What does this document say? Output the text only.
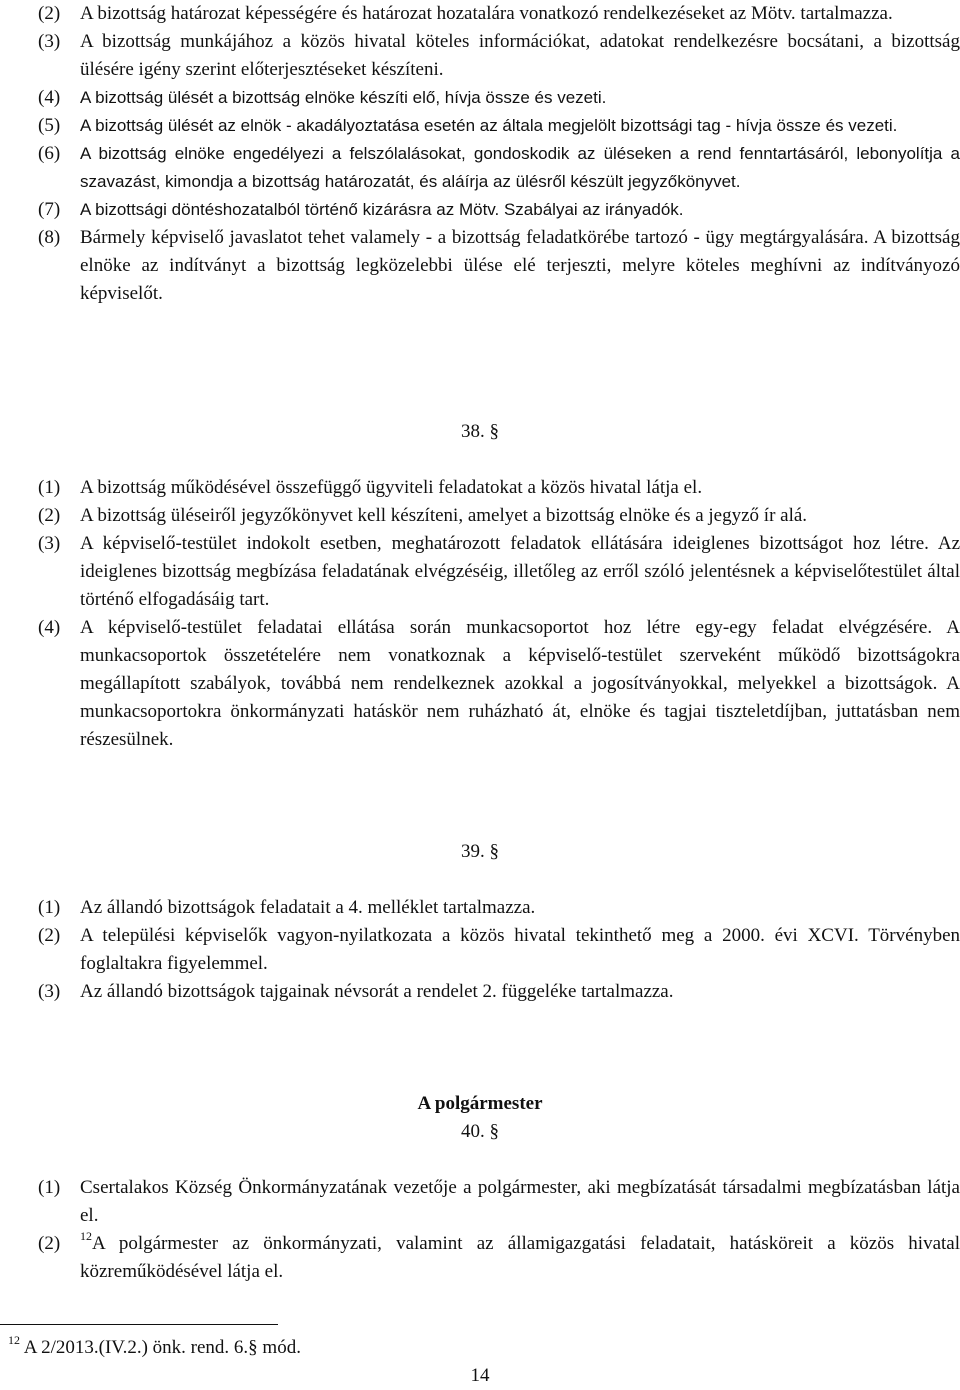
(2)	A bizottság határozat képességére és határozat hozatalára vonatkozó rendelkezéseket az Mötv. tartalmazza.
(3)	A bizottság munkájához a közös hivatal köteles információkat, adatokat rendelkezésre bocsátani, a bizottság ülésére igény szerint előterjesztéseket készíteni.
(4)	A bizottság ülését a bizottság elnöke készíti elő, hívja össze és vezeti.
(5)	A bizottság ülését az elnök - akadályoztatása esetén az általa megjelölt bizottsági tag - hívja össze és vezeti.
(6)	A bizottság elnöke engedélyezi a felszólalásokat, gondoskodik az üléseken a rend fenntartásáról, lebonyolítja a szavazást, kimondja a bizottság határozatát, és aláírja az ülésről készült jegyzőkönyvet.
(7)	A bizottsági döntéshozatalból történő kizárásra az Mötv. Szabályai az irányadók.
(8)	Bármely képviselő javaslatot tehet valamely - a bizottság feladatkörébe tartozó - ügy megtárgyalására. A bizottság elnöke az indítványt a bizottság legközelebbi ülése elé terjeszti, melyre köteles meghívni az indítványozó képviselőt.
38. §
(1)	A bizottság működésével összefüggő ügyviteli feladatokat a közös hivatal látja el.
(2)	A bizottság üléseiről jegyzőkönyvet kell készíteni, amelyet a bizottság elnöke és a jegyző ír alá.
(3)	A képviselő-testület indokolt esetben, meghatározott feladatok ellátására ideiglenes bizottságot hoz létre. Az ideiglenes bizottság megbízása feladatának elvégzéséig, illetőleg az erről szóló jelentésnek a képviselőtestület által történő elfogadásáig tart.
(4)	A képviselő-testület feladatai ellátása során munkacsoportot hoz létre egy-egy feladat elvégzésére. A munkacsoportok összetételére nem vonatkoznak a képviselő-testület szerveként működő bizottságokra megállapított szabályok, továbbá nem rendelkeznek azokkal a jogosítványokkal, melyekkel a bizottságok. A munkacsoportokra önkormányzati hatáskör nem ruházható át, elnöke és tagjai tiszteletdíjban, juttatásban nem részesülnek.
39. §
(1)	Az állandó bizottságok feladatait a 4. melléklet tartalmazza.
(2)	A települési képviselők vagyon-nyilatkozata a közös hivatal tekinthető meg a 2000. évi XCVI. Törvényben foglaltakra figyelemmel.
(3)	Az állandó bizottságok tajgainak névsorát a rendelet 2. függeléke tartalmazza.
A polgármester
40. §
(1)	Csertalakos Község Önkormányzatának vezetője a polgármester, aki megbízatását társadalmi megbízatásban látja el.
(2)	$^{12}$A polgármester az önkormányzati, valamint az államigazgatási feladatait, hatásköreit a közös hivatal közreműködésével látja el.
$^{12}$ A 2/2013.(IV.2.) önk. rend. 6.§ mód.
14
